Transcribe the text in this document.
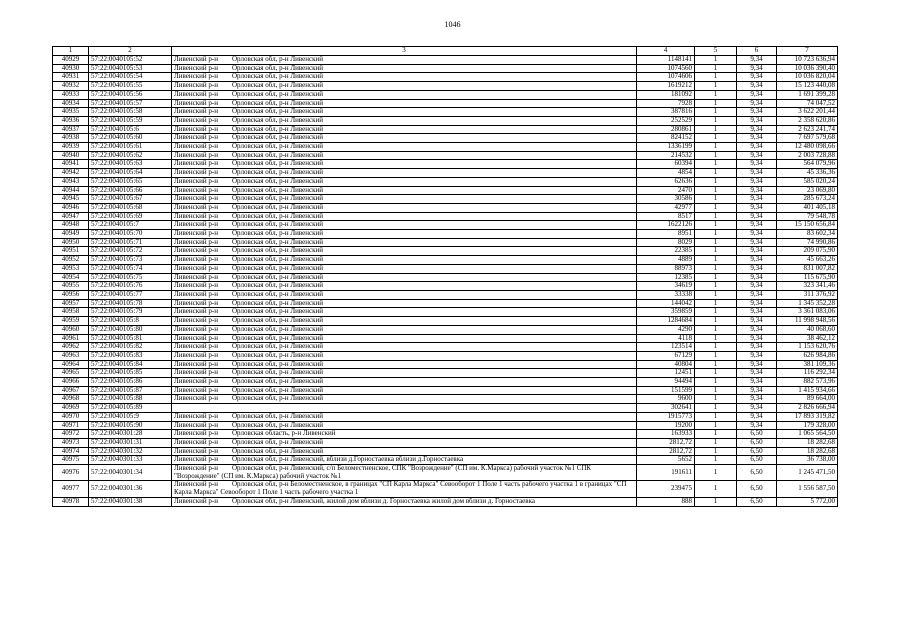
1046
1	2	3	4	5	6	7
40929	57:22:0040105:52	Ливенский р-н Орловская обл, р-н Ливенский	1148141	1	9,34	10 723 636,94
40930	57:22:0040105:53	Ливенский р-н Орловская обл, р-н Ливенский	1074560	1	9,34	10 036 390,40
40931	57:22:0040105:54	Ливенский р-н Орловская обл, р-н Ливенский	1074606	1	9,34	10 036 820,04
40932	57:22:0040105:55	Ливенский р-н Орловская обл, р-н Ливенский	1619212	1	9,34	15 123 440,08
40933	57:22:0040105:56	Ливенский р-н Орловская обл, р-н Ливенский	181092	1	9,34	1 691 399,28
40934	57:22:0040105:57	Ливенский р-н Орловская обл, р-н Ливенский	7928	1	9,34	74 047,52
40935	57:22:0040105:58	Ливенский р-н Орловская обл, р-н Ливенский	387816	1	9,34	3 622 201,44
40936	57:22:0040105:59	Ливенский р-н Орловская обл, р-н Ливенский	252529	1	9,34	2 358 620,86
40937	57:22:0040105:6	Ливенский р-н Орловская обл, р-н Ливенский	280861	1	9,34	2 623 241,74
40938	57:22:0040105:60	Ливенский р-н Орловская обл, р-н Ливенский	824152	1	9,34	7 697 579,68
40939	57:22:0040105:61	Ливенский р-н Орловская обл, р-н Ливенский	1336199	1	9,34	12 480 098,66
40940	57:22:0040105:62	Ливенский р-н Орловская обл, р-н Ливенский	214532	1	9,34	2 003 728,88
40941	57:22:0040105:63	Ливенский р-н Орловская обл, р-н Ливенский	60394	1	9,34	564 079,96
40942	57:22:0040105:64	Ливенский р-н Орловская обл, р-н Ливенский	4854	1	9,34	45 336,36
40943	57:22:0040105:65	Ливенский р-н Орловская обл, р-н Ливенский	62636	1	9,34	585 020,24
40944	57:22:0040105:66	Ливенский р-н Орловская обл, р-н Ливенский	2470	1	9,34	23 069,80
40945	57:22:0040105:67	Ливенский р-н Орловская обл, р-н Ливенский	30586	1	9,34	285 673,24
40946	57:22:0040105:68	Ливенский р-н Орловская обл, р-н Ливенский	42977	1	9,34	401 405,18
40947	57:22:0040105:69	Ливенский р-н Орловская обл, р-н Ливенский	8517	1	9,34	79 548,78
40948	57:22:0040105:7	Ливенский р-н Орловская обл, р-н Ливенский	1622126	1	9,34	15 150 656,84
40949	57:22:0040105:70	Ливенский р-н Орловская обл, р-н Ливенский	8951	1	9,34	83 602,34
40950	57:22:0040105:71	Ливенский р-н Орловская обл, р-н Ливенский	8029	1	9,34	74 990,86
40951	57:22:0040105:72	Ливенский р-н Орловская обл, р-н Ливенский	22385	1	9,34	209 075,90
40952	57:22:0040105:73	Ливенский р-н Орловская обл, р-н Ливенский	4889	1	9,34	45 663,26
40953	57:22:0040105:74	Ливенский р-н Орловская обл, р-н Ливенский	88973	1	9,34	831 007,82
40954	57:22:0040105:75	Ливенский р-н Орловская обл, р-н Ливенский	12385	1	9,34	115 675,90
40955	57:22:0040105:76	Ливенский р-н Орловская обл, р-н Ливенский	34619	1	9,34	323 341,46
40956	57:22:0040105:77	Ливенский р-н Орловская обл, р-н Ливенский	33338	1	9,34	311 376,92
40957	57:22:0040105:78	Ливенский р-н Орловская обл, р-н Ливенский	144042	1	9,34	1 345 352,28
40958	57:22:0040105:79	Ливенский р-н Орловская обл, р-н Ливенский	359859	1	9,34	3 361 083,06
40959	57:22:0040105:8	Ливенский р-н Орловская обл, р-н Ливенский	1284684	1	9,34	11 998 948,56
40960	57:22:0040105:80	Ливенский р-н Орловская обл, р-н Ливенский	4290	1	9,34	40 068,60
40961	57:22:0040105:81	Ливенский р-н Орловская обл, р-н Ливенский	4118	1	9,34	38 462,12
40962	57:22:0040105:82	Ливенский р-н Орловская обл, р-н Ливенский	123514	1	9,34	1 153 620,76
40963	57:22:0040105:83	Ливенский р-н Орловская обл, р-н Ливенский	67129	1	9,34	626 984,86
40964	57:22:0040105:84	Ливенский р-н Орловская обл, р-н Ливенский	40804	1	9,34	381 109,36
40965	57:22:0040105:85	Ливенский р-н Орловская обл, р-н Ливенский	12451	1	9,34	116 292,34
40966	57:22:0040105:86	Ливенский р-н Орловская обл, р-н Ливенский	94494	1	9,34	882 573,96
40967	57:22:0040105:87	Ливенский р-н Орловская обл, р-н Ливенский	151599	1	9,34	1 415 934,66
40968	57:22:0040105:88	Ливенский р-н Орловская обл, р-н Ливенский	9600	1	9,34	89 664,00
40969	57:22:0040105:89		302641	1	9,34	2 826 666,94
40970	57:22:0040105:9	Ливенский р-н Орловская обл, р-н Ливенский	1915773	1	9,34	17 893 319,82
40971	57:22:0040105:90	Ливенский р-н Орловская обл, р-н Ливенский	19200	1	9,34	179 328,00
40972	57:22:0040301:28	Ливенский р-н Орловская область, р-н Ливенский	163933	1	6,50	1 065 564,50
40973	57:22:0040301:31	Ливенский р-н Орловская обл, р-н Ливенский	2812,72	1	6,50	18 282,68
40974	57:22:0040301:32	Ливенский р-н Орловская обл, р-н Ливенский	2812,72	1	6,50	18 282,68
40975	57:22:0040301:33	Ливенский р-н Орловская обл, р-н Ливенский, вблизи д.Горностаевка вблизи д.Горностаевка	5652	1	6,50	36 738,00
40976	57:22:0040301:34	Ливенский р-н Орловская обл, р-н Ливенский, с/п Беломестненское, СПК "Возрождение" (СП им. К.Маркса) рабочий участок №1 СПК "Возрождение" (СП им. К.Маркса) рабочий участок №1	191611	1	6,50	1 245 471,50
40977	57:22:0040301:36	Ливенский р-н Орловская обл, р-н Беломестненское, в границах "СП Карла Маркса" Севооборот 1 Поле 1 часть рабочего участка 1 в границах "СП Карла Маркса" Севооборот 1 Поле 1 часть рабочего участка 1	239475	1	6,50	1 556 587,50
40978	57:22:0040301:38	Ливенский р-н Орловская обл, р-н Ливенский, жилой дом вблизи д. Горностаевка жилой дом вблизи д. Горностаевка	888	1	6,50	5 772,00
